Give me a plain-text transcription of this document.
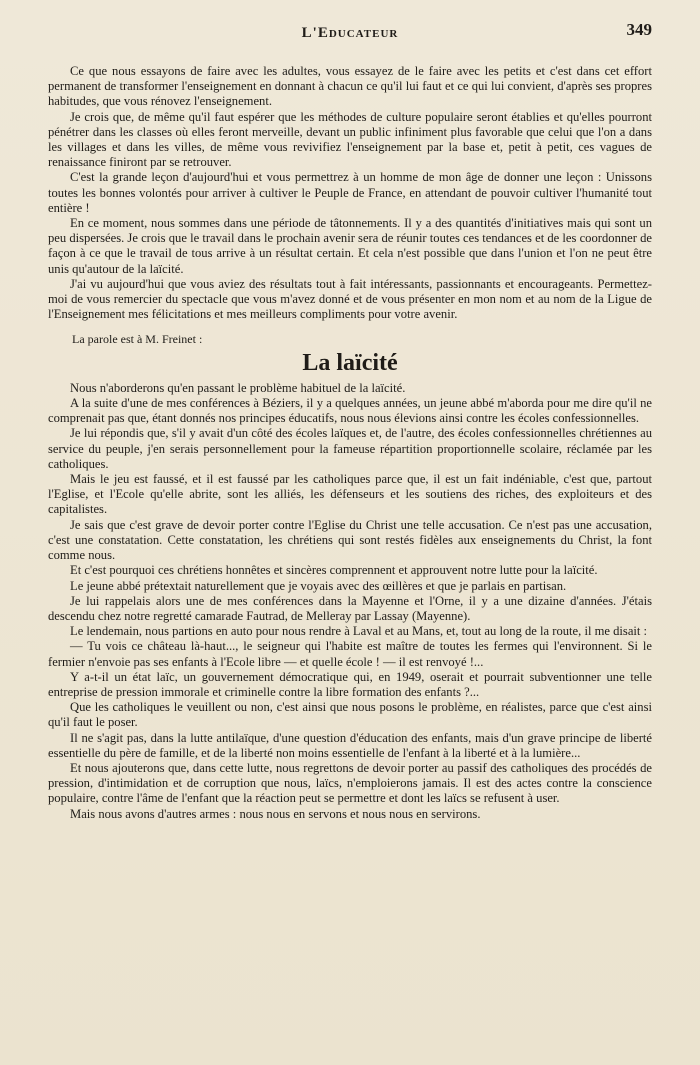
L'Educateur	349

Ce que nous essayons de faire avec les adultes, vous essayez de le faire avec les petits et c'est dans cet effort permanent de transformer l'enseignement en donnant à chacun ce qu'il lui faut et ce qui lui convient, d'après ses propres habitudes, que vous rénovez l'enseignement.

Je crois que, de même qu'il faut espérer que les méthodes de culture populaire seront établies et qu'elles pourront pénétrer dans les classes où elles feront merveille, devant un public infiniment plus favorable que celui que l'on a dans les villages et dans les villes, de même vous revivifiez l'enseignement par la base et, petit à petit, ces vagues de renaissance finiront par se retrouver.

C'est la grande leçon d'aujourd'hui et vous permettrez à un homme de mon âge de donner une leçon : Unissons toutes les bonnes volontés pour arriver à cultiver le Peuple de France, en attendant de pouvoir cultiver l'humanité tout entière !

En ce moment, nous sommes dans une période de tâtonnements. Il y a des quantités d'initiatives mais qui sont un peu dispersées. Je crois que le travail dans le prochain avenir sera de réunir toutes ces tendances et de les coordonner de façon à ce que le travail de tous arrive à un résultat certain. Et cela n'est possible que dans l'union et l'on ne peut être unis qu'autour de la laïcité.

J'ai vu aujourd'hui que vous aviez des résultats tout à fait intéressants, passionnants et encourageants. Permettez-moi de vous remercier du spectacle que vous m'avez donné et de vous présenter en mon nom et au nom de la Ligue de l'Enseignement mes félicitations et mes meilleurs compliments pour votre avenir.

La parole est à M. Freinet :

La laïcité

Nous n'aborderons qu'en passant le problème habituel de la laïcité.

A la suite d'une de mes conférences à Béziers, il y a quelques années, un jeune abbé m'aborda pour me dire qu'il ne comprenait pas que, étant donnés nos principes éducatifs, nous nous élevions ainsi contre les écoles confessionnelles.

Je lui répondis que, s'il y avait d'un côté des écoles laïques et, de l'autre, des écoles confessionnelles chrétiennes au service du peuple, j'en serais personnellement pour la fameuse répartition proportionnelle scolaire, réclamée par les catholiques.

Mais le jeu est faussé, et il est faussé par les catholiques parce que, il est un fait indéniable, c'est que, partout l'Eglise, et l'Ecole qu'elle abrite, sont les alliés, les défenseurs et les soutiens des riches, des exploiteurs et des capitalistes.

Je sais que c'est grave de devoir porter contre l'Eglise du Christ une telle accusation. Ce n'est pas une accusation, c'est une constatation. Cette constatation, les chrétiens qui sont restés fidèles aux enseignements du Christ, la font comme nous.

Et c'est pourquoi ces chrétiens honnêtes et sincères comprennent et approuvent notre lutte pour la laïcité.

Le jeune abbé prétextait naturellement que je voyais avec des œillères et que je parlais en partisan.

Je lui rappelais alors une de mes conférences dans la Mayenne et l'Orne, il y a une dizaine d'années. J'étais descendu chez notre regretté camarade Fautrad, de Melleray par Lassay (Mayenne).

Le lendemain, nous partions en auto pour nous rendre à Laval et au Mans, et, tout au long de la route, il me disait :

— Tu vois ce château là-haut..., le seigneur qui l'habite est maître de toutes les fermes qui l'environnent. Si le fermier n'envoie pas ses enfants à l'Ecole libre — et quelle école ! — il est renvoyé !...

Y a-t-il un état laïc, un gouvernement démocratique qui, en 1949, oserait et pourrait subventionner une telle entreprise de pression immorale et criminelle contre la libre formation des enfants ?...

Que les catholiques le veuillent ou non, c'est ainsi que nous posons le problème, en réalistes, parce que c'est ainsi qu'il faut le poser.

Il ne s'agit pas, dans la lutte antilaïque, d'une question d'éducation des enfants, mais d'un grave principe de liberté essentielle du père de famille, et de la liberté non moins essentielle de l'enfant à la liberté et à la lumière...

Et nous ajouterons que, dans cette lutte, nous regrettons de devoir porter au passif des catholiques des procédés de pression, d'intimidation et de corruption que nous, laïcs, n'emploierons jamais. Il est des actes contre la conscience populaire, contre l'âme de l'enfant que la réaction peut se permettre et dont les laïcs se refusent à user.

Mais nous avons d'autres armes : nous nous en servons et nous nous en servirons.
